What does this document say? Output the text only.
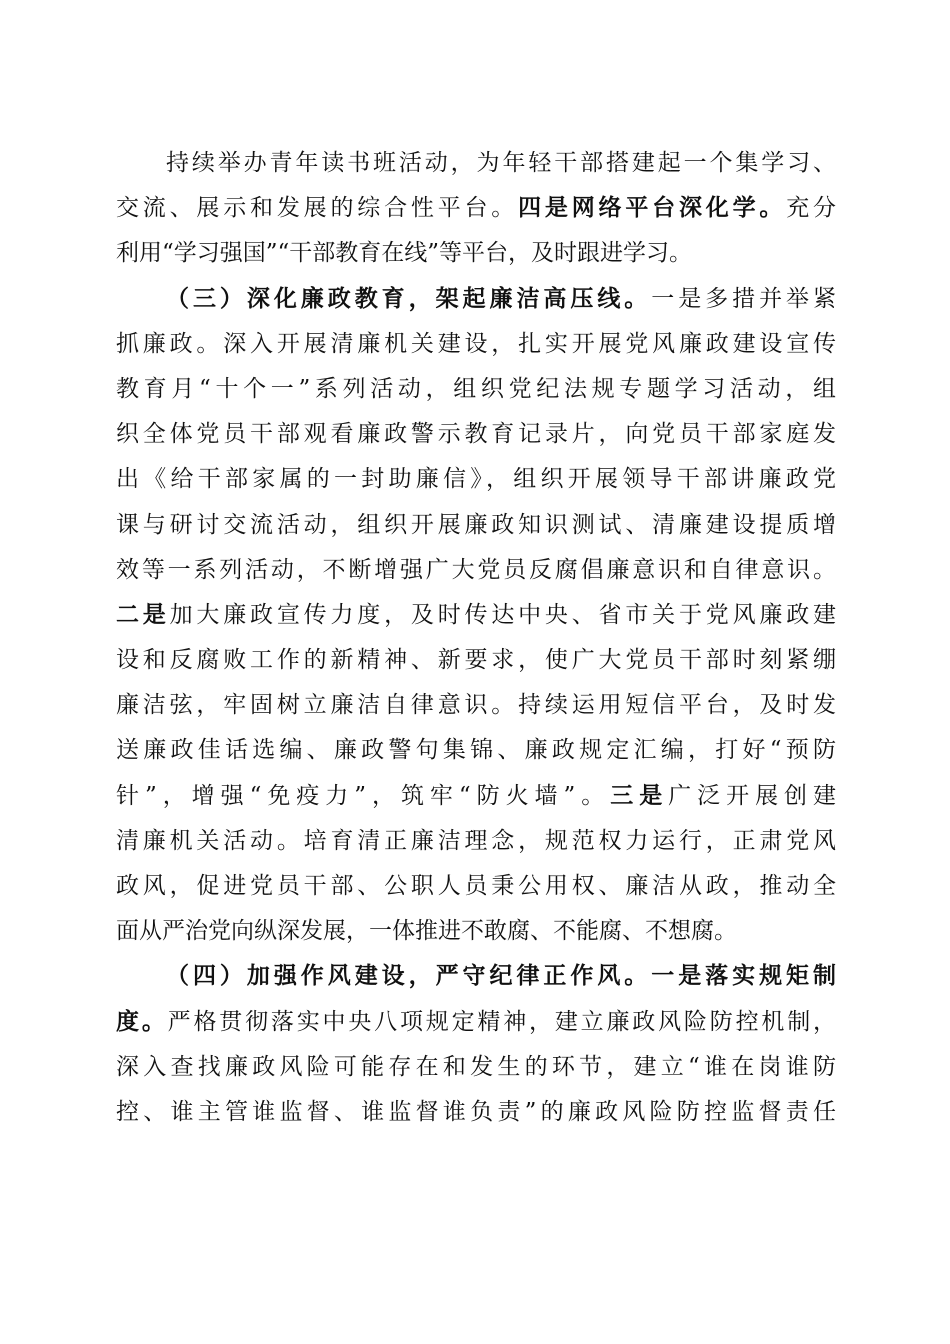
持续举办青年读书班活动，为年轻干部搭建起一个集学习、
交流、展示和发展的综合性平台。四是网络平台深化学。充分
利用“学习强国”“干部教育在线”等平台，及时跟进学习。
（三）深化廉政教育，架起廉洁高压线。一是多措并举紧
抓廉政。深入开展清廉机关建设，扎实开展党风廉政建设宣传
教育月“十个一”系列活动，组织党纪法规专题学习活动，组
织全体党员干部观看廉政警示教育记录片，向党员干部家庭发
出《给干部家属的一封助廉信》，组织开展领导干部讲廉政党
课与研讨交流活动，组织开展廉政知识测试、清廉建设提质增
效等一系列活动，不断增强广大党员反腐倡廉意识和自律意识。
二是加大廉政宣传力度，及时传达中央、省市关于党风廉政建
设和反腐败工作的新精神、新要求，使广大党员干部时刻紧绷
廉洁弦，牢固树立廉洁自律意识。持续运用短信平台，及时发
送廉政佳话选编、廉政警句集锦、廉政规定汇编，打好“预防
针”，增强“免疫力”，筑牢“防火墙”。三是广泛开展创建
清廉机关活动。培育清正廉洁理念，规范权力运行，正肃党风
政风，促进党员干部、公职人员秉公用权、廉洁从政，推动全
面从严治党向纵深发展，一体推进不敢腐、不能腐、不想腐。
（四）加强作风建设，严守纪律正作风。一是落实规矩制
度。严格贯彻落实中央八项规定精神，建立廉政风险防控机制，
深入查找廉政风险可能存在和发生的环节，建立“谁在岗谁防
控、谁主管谁监督、谁监督谁负责”的廉政风险防控监督责任
